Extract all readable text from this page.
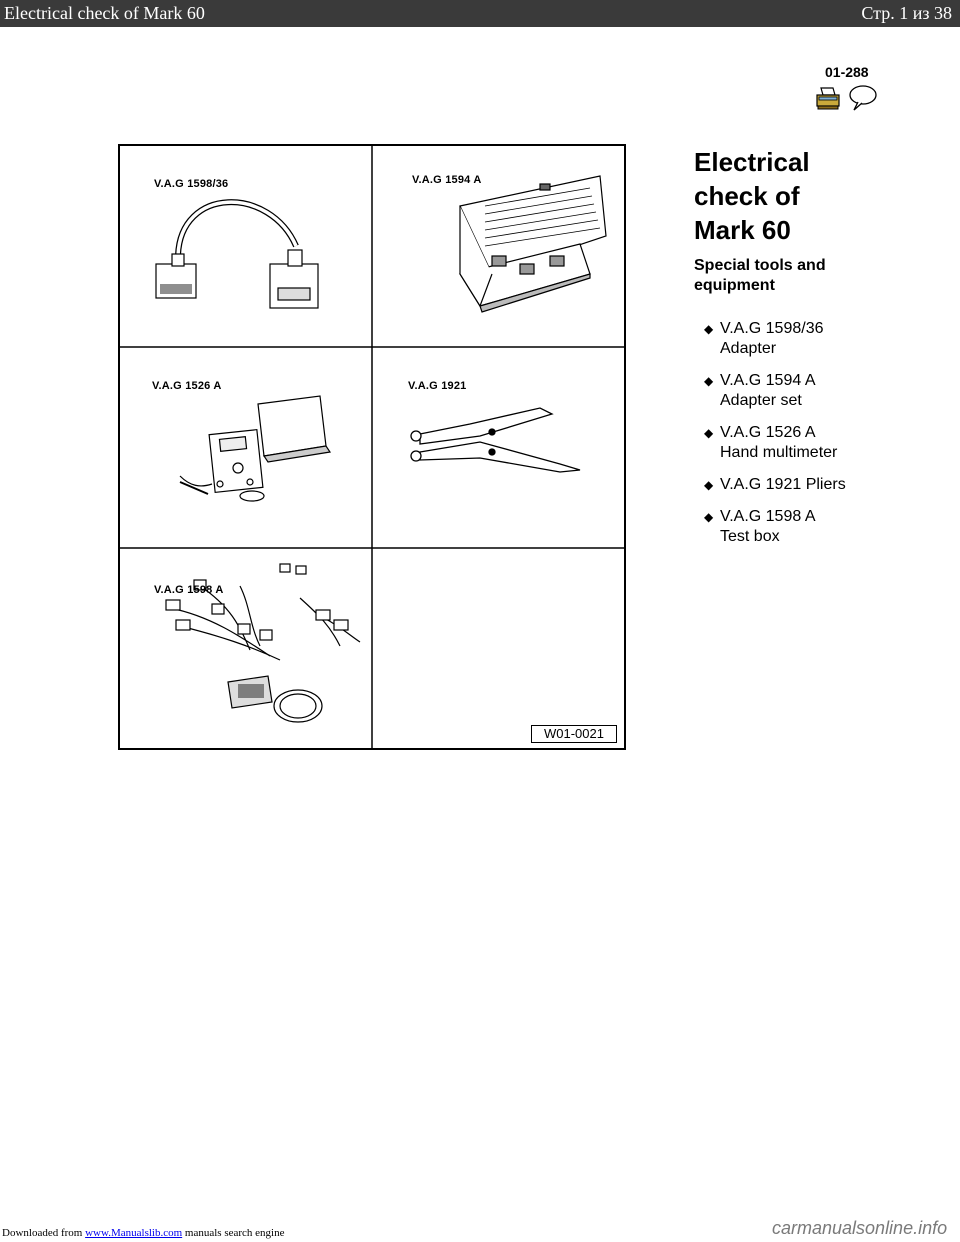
Electrical check of Mark 60	Стр. 1 из 38
01-288
V.A.G 1598/36	V.A.G 1594 A
V.A.G 1526 A	V.A.G 1921
V.A.G 1598 A
W01-0021
Electrical
check of
Mark 60
Special tools and
equipment
◆ V.A.G 1598/36
Adapter
◆ V.A.G 1594 A
Adapter set
◆ V.A.G 1526 A
Hand multimeter
◆ V.A.G 1921 Pliers
◆ V.A.G 1598 A
Test box
Downloaded from www.Manualslib.com manuals search engine	carmanualsonline.info
